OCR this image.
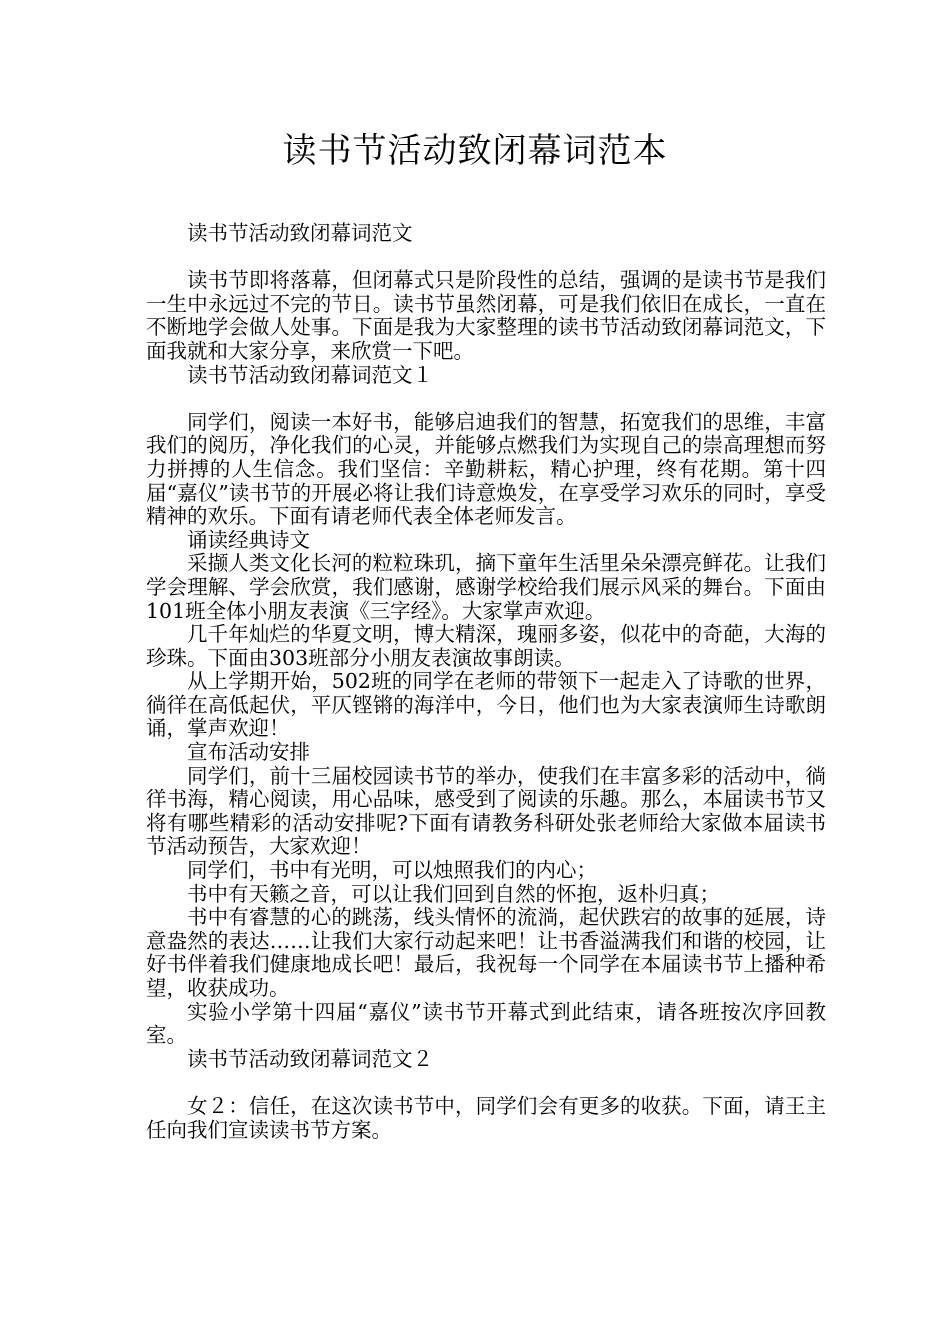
读书节活动致闭幕词范本

读书节活动致闭幕词范文

读书节即将落幕，但闭幕式只是阶段性的总结，强调的是读书节是我们一生中永远过不完的节日。读书节虽然闭幕，可是我们依旧在成长，一直在不断地学会做人处事。下面是我为大家整理的读书节活动致闭幕词范文，下面我就和大家分享，来欣赏一下吧。

读书节活动致闭幕词范文１

同学们，阅读一本好书，能够启迪我们的智慧，拓宽我们的思维，丰富我们的阅历，净化我们的心灵，并能够点燃我们为实现自己的崇高理想而努力拼搏的人生信念。我们坚信：辛勤耕耘，精心护理，终有花期。第十四届“嘉仪”读书节的开展必将让我们诗意焕发，在享受学习欢乐的同时，享受精神的欢乐。下面有请老师代表全体老师发言。

诵读经典诗文

采撷人类文化长河的粒粒珠玑，摘下童年生活里朵朵漂亮鲜花。让我们学会理解、学会欣赏，我们感谢，感谢学校给我们展示风采的舞台。下面由101班全体小朋友表演《三字经》。大家掌声欢迎。

几千年灿烂的华夏文明，博大精深，瑰丽多姿，似花中的奇葩，大海的珍珠。下面由303班部分小朋友表演故事朗读。

从上学期开始，502班的同学在老师的带领下一起走入了诗歌的世界，徜徉在高低起伏，平仄铿锵的海洋中，今日，他们也为大家表演师生诗歌朗诵，掌声欢迎！

宣布活动安排

同学们，前十三届校园读书节的举办，使我们在丰富多彩的活动中，徜徉书海，精心阅读，用心品味，感受到了阅读的乐趣。那么，本届读书节又将有哪些精彩的活动安排呢?下面有请教务科研处张老师给大家做本届读书节活动预告，大家欢迎！

同学们，书中有光明，可以烛照我们的内心；

书中有天籁之音，可以让我们回到自然的怀抱，返朴归真；

书中有睿慧的心的跳荡，线头情怀的流淌，起伏跌宕的故事的延展，诗意盎然的表达……让我们大家行动起来吧！让书香溢满我们和谐的校园，让好书伴着我们健康地成长吧！最后，我祝每一个同学在本届读书节上播种希望，收获成功。

实验小学第十四届“嘉仪”读书节开幕式到此结束，请各班按次序回教室。

读书节活动致闭幕词范文２

女２：信任，在这次读书节中，同学们会有更多的收获。下面，请王主任向我们宣读读书节方案。
